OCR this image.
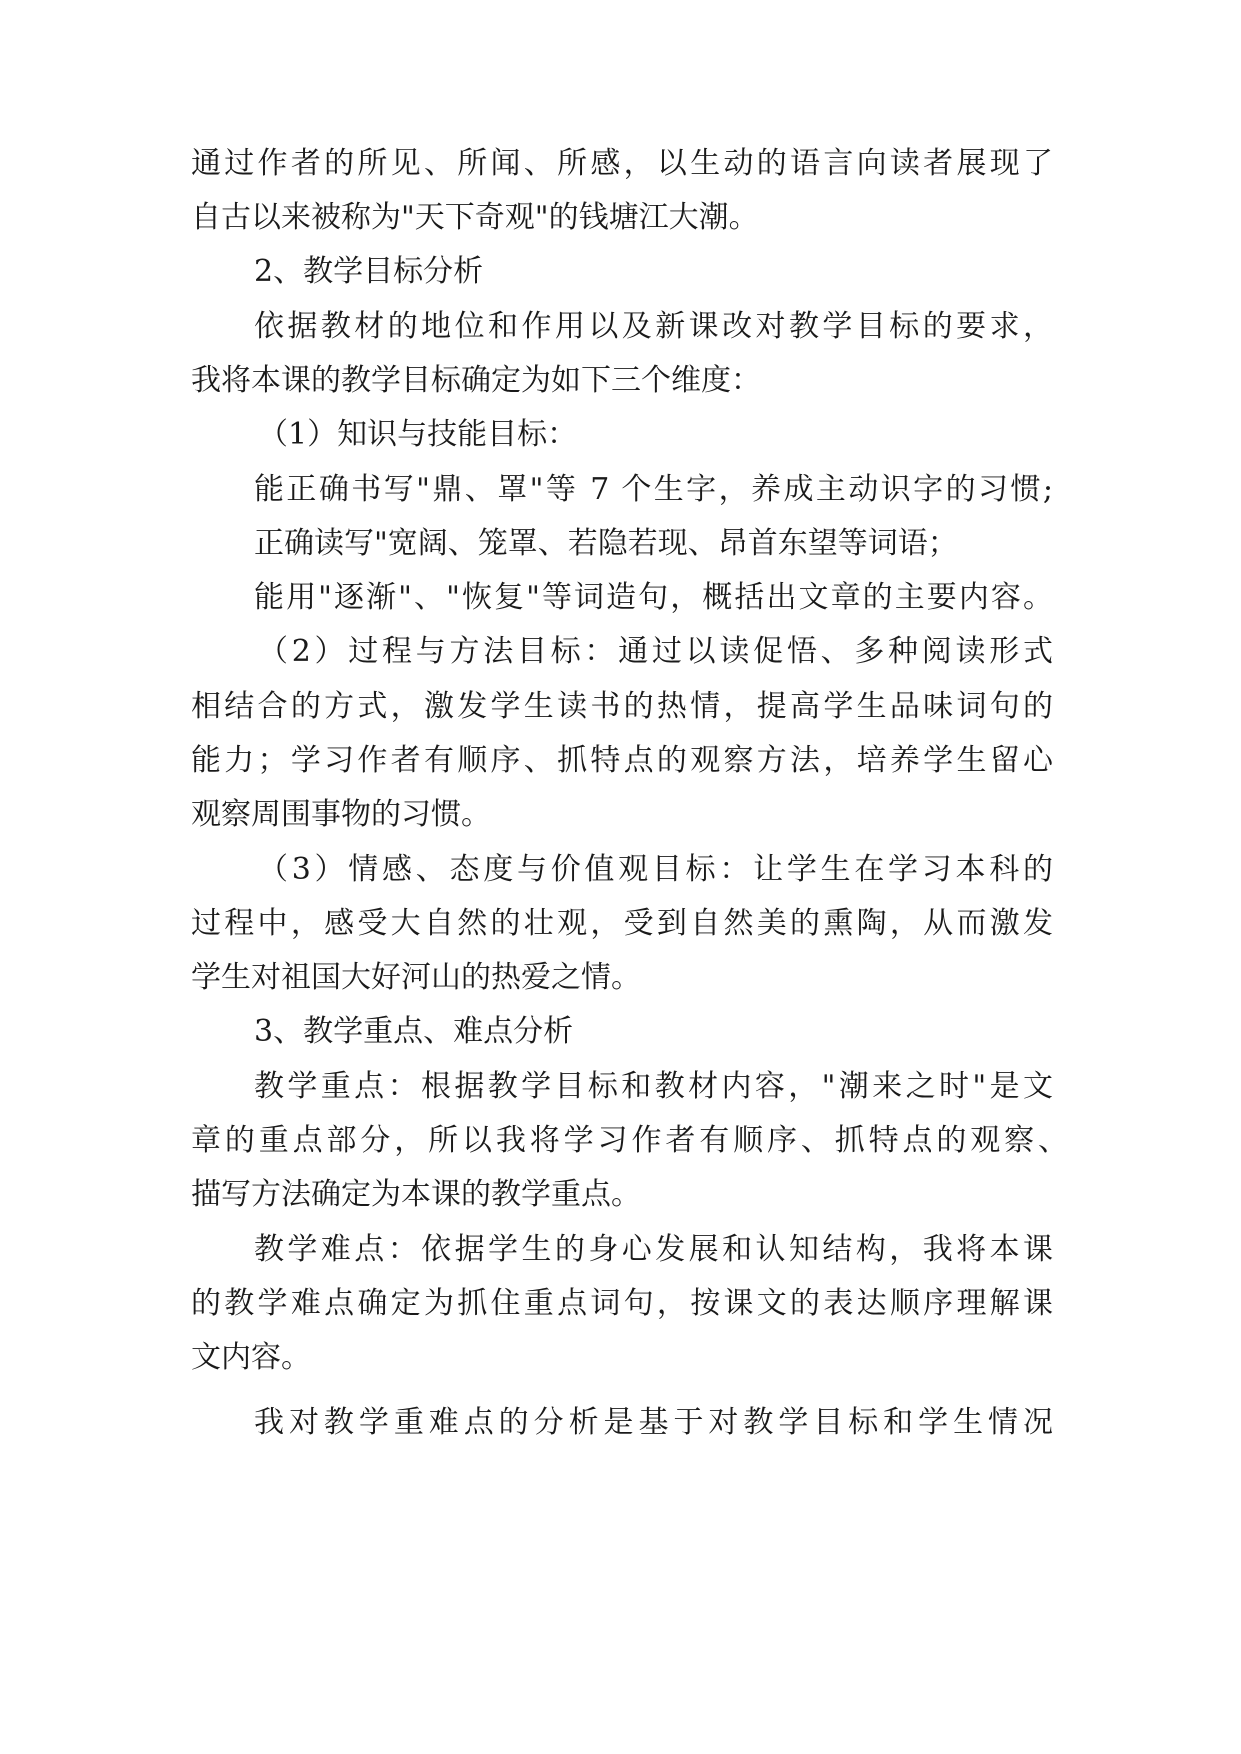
通过作者的所见、所闻、所感，以生动的语言向读者展现了

自古以来被称为"天下奇观"的钱塘江大潮。

2、教学目标分析

依据教材的地位和作用以及新课改对教学目标的要求，

我将本课的教学目标确定为如下三个维度：

（1）知识与技能目标：

能正确书写"鼎、罩"等 7 个生字，养成主动识字的习惯;

正确读写"宽阔、笼罩、若隐若现、昂首东望等词语；

能用"逐渐"、"恢复"等词造句，概括出文章的主要内容。

（2）过程与方法目标：通过以读促悟、多种阅读形式

相结合的方式，激发学生读书的热情，提高学生品味词句的

能力；学习作者有顺序、抓特点的观察方法，培养学生留心

观察周围事物的习惯。

（3）情感、态度与价值观目标：让学生在学习本科的

过程中，感受大自然的壮观，受到自然美的熏陶，从而激发

学生对祖国大好河山的热爱之情。

3、教学重点、难点分析

教学重点：根据教学目标和教材内容，"潮来之时"是文

章的重点部分，所以我将学习作者有顺序、抓特点的观察、

描写方法确定为本课的教学重点。

教学难点：依据学生的身心发展和认知结构，我将本课

的教学难点确定为抓住重点词句，按课文的表达顺序理解课

文内容。

我对教学重难点的分析是基于对教学目标和学生情况
